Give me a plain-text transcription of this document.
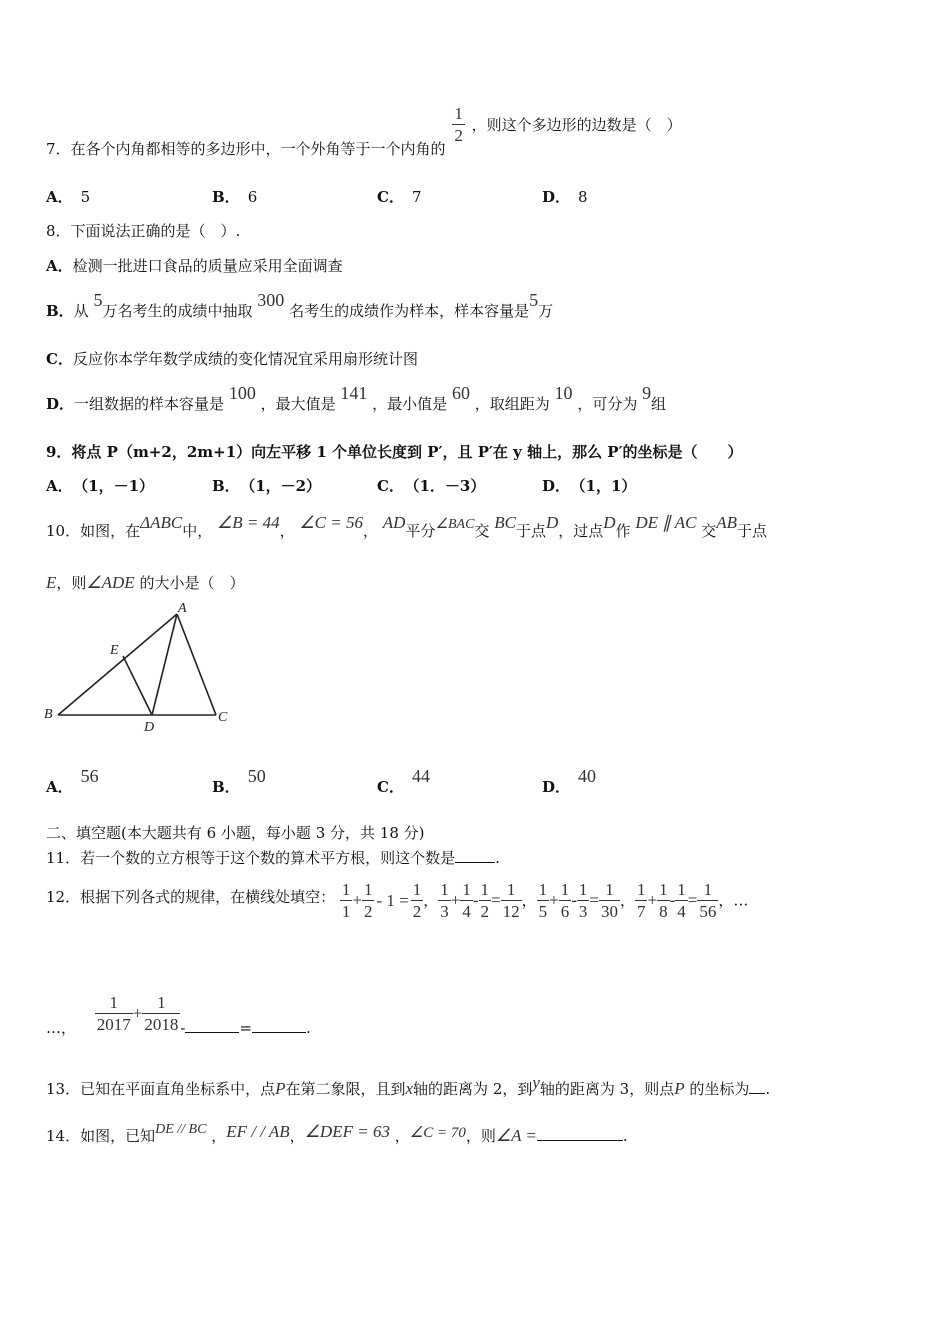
7．在各个内角都相等的多边形中，一个外角等于一个内角的
$\frac{1}{2}$ ，则这个多边形的边数是（　）
A． 5	B． 6	C． 7	D． 8
8．下面说法正确的是（　）.
A．检测一批进口食品的质量应采用全面调查
B．从 5万名考生的成绩中抽取 300 名考生的成绩作为样本，样本容量是5万
C．反应你本学年数学成绩的变化情况宜采用扇形统计图
D．一组数据的样本容量是 100 ，最大值是 141 ，最小值是 60 ，取组距为 10 ，可分为 9组
9．将点 P（m+2，2m+1）向左平移 1 个单位长度到 P′，且 P′在 y 轴上，那么 P′的坐标是（　　）
A． （1，－1）	B． （1，－2）	C． （1．－3）	D． （1，1）
10．如图，在ΔABC中， ∠B = 44， ∠C = 56， AD平分∠BAC交 BC于点D，过点D作 DE ∥ AC 交AB于点
E，则∠ADE 的大小是（　）
A
B	C
D
E
A．56
B．50
C．44
D．40
二、填空题(本大题共有 6 小题，每小题 3 分，共 18 分)
11．若一个数的立方根等于这个数的算术平方根，则这个数是	.
12．根据下列各式的规律，在横线处填空： $\frac{1}{1} + \frac{1}{2} - 1 = \frac{1}{2}$ ， $\frac{1}{3} + \frac{1}{4} - \frac{1}{2} = \frac{1}{12}$ ， $\frac{1}{5} + \frac{1}{6} - \frac{1}{3} = \frac{1}{30}$ ， $\frac{1}{7} + \frac{1}{8} - \frac{1}{4} = \frac{1}{56}$ ，…
…， $\frac{1}{2017} + \frac{1}{2018}$ -	=	.
13．已知在平面直角坐标系中，点P在第二象限，且到x轴的距离为 2，到y轴的距离为 3，则点P 的坐标为 .
14．如图，已知DE // BC ，EF / / AB，∠DEF = 63 ，∠C = 70，则∠A =	.
